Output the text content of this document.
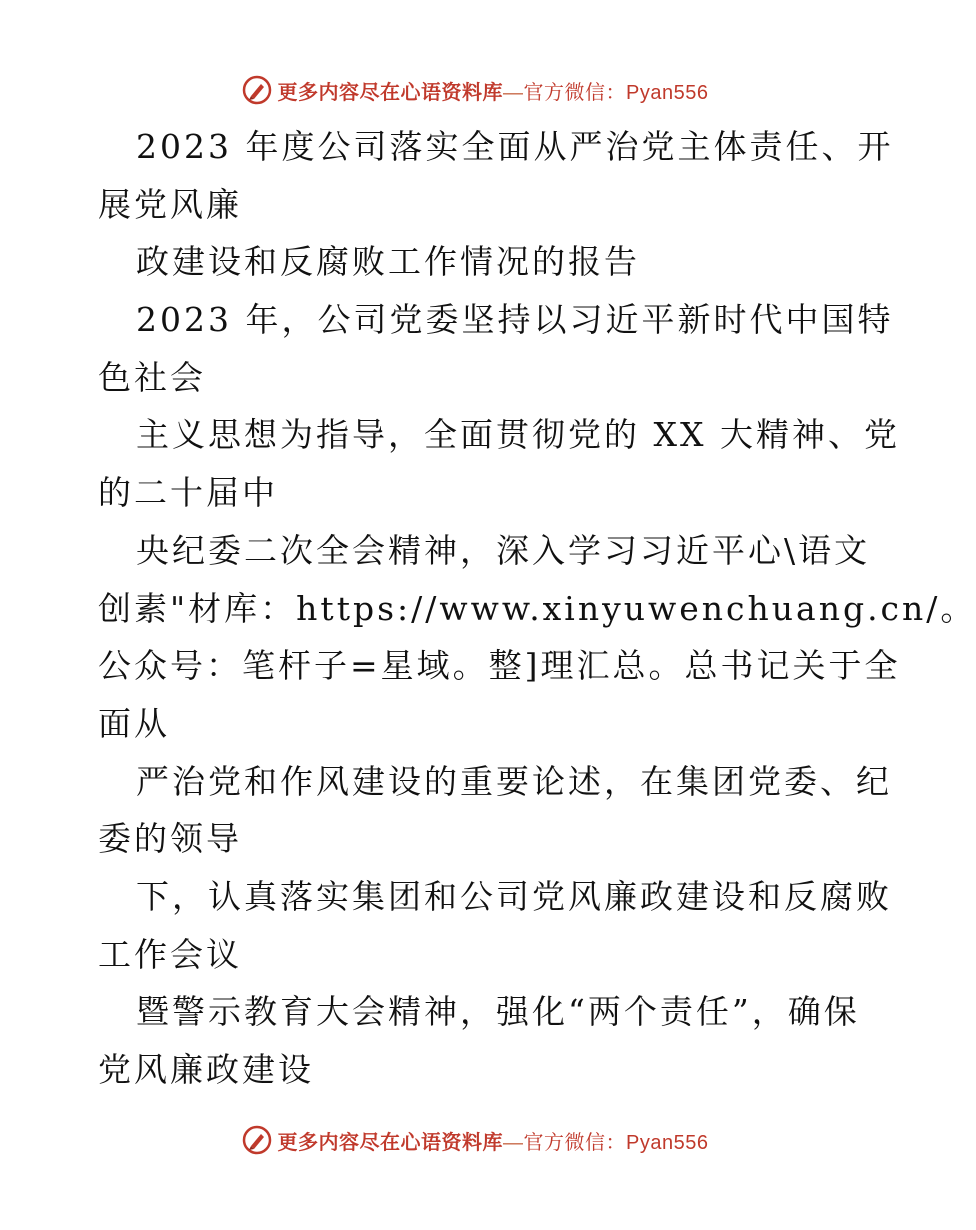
更多内容尽在心语资料库—官方微信：Pyan556
2023 年度公司落实全面从严治党主体责任、开
展党风廉
政建设和反腐败工作情况的报告
2023 年，公司党委坚持以习近平新时代中国特
色社会
主义思想为指导，全面贯彻党的 XX 大精神、党
的二十届中
央纪委二次全会精神，深入学习习近平心\语文
创素"材库：https://www.xinyuwenchuang.cn/。
公众号：笔杆子=星域。整]理汇总。总书记关于全
面从
严治党和作风建设的重要论述，在集团党委、纪
委的领导
下，认真落实集团和公司党风廉政建设和反腐败
工作会议
暨警示教育大会精神，强化“两个责任”，确保
党风廉政建设
更多内容尽在心语资料库—官方微信：Pyan556
